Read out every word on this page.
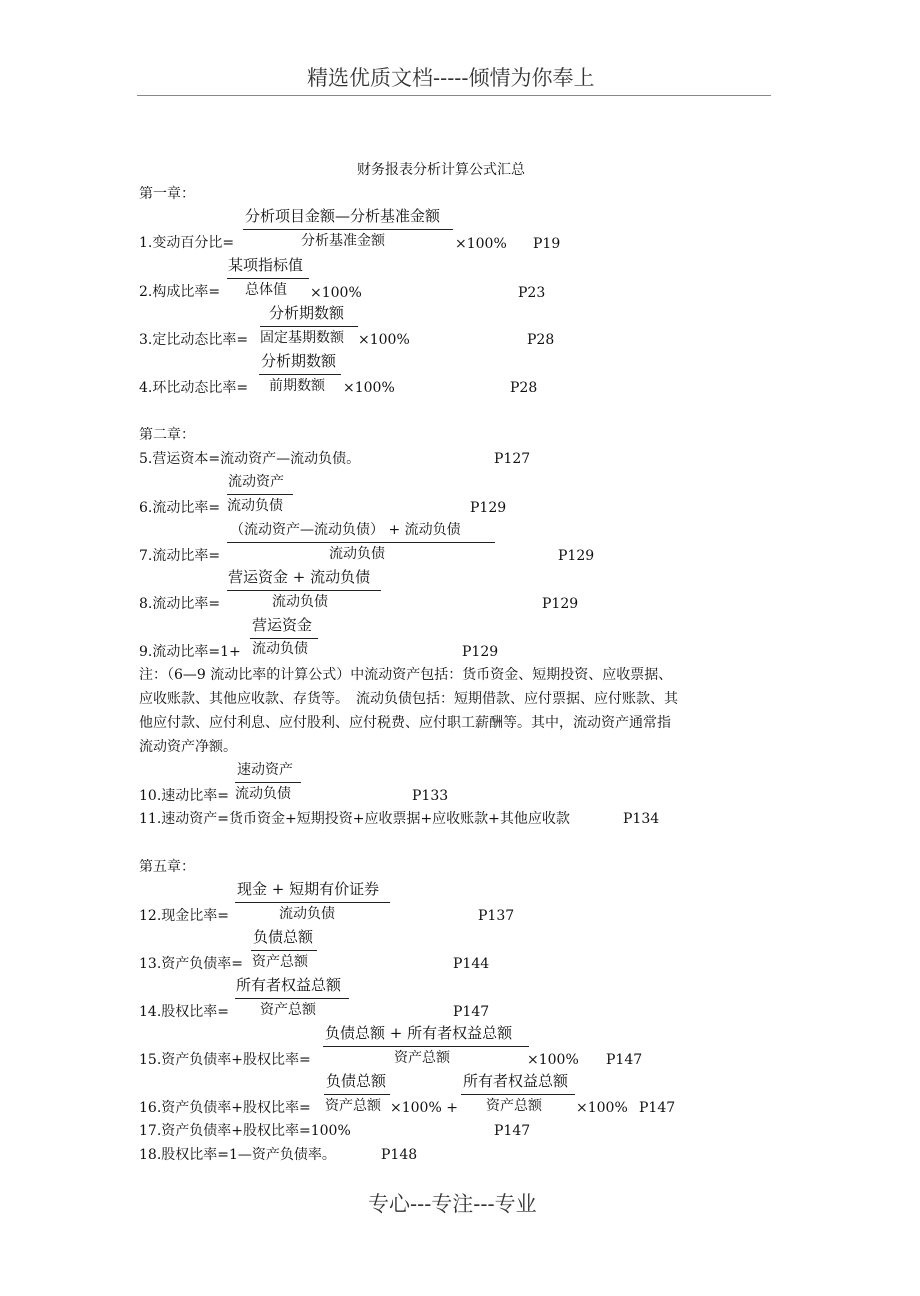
精选优质文档-----倾情为你奉上
财务报表分析计算公式汇总
第一章：
分析项目金额—分析基准金额
1.变动百分比=	分析基准金额	×100% P19
某项指标值
2.构成比率= 总体值 ×100%	P23
分析期数额
3.定比动态比率= 固定基期数额 ×100%	P28
分析期数额
4.环比动态比率= 前期数额 ×100%	P28
第二章：
5.营运资本=流动资产—流动负债。	P127
流动资产
6.流动比率= 流动负债	P129
（流动资产—流动负债） + 流动负债
7.流动比率=	流动负债	P129
营运资金 + 流动负债
8.流动比率=	流动负债	P129
营运资金
9.流动比率=1+ 流动负债	P129
注：（6—9 流动比率的计算公式）中流动资产包括：货币资金、短期投资、应收票据、
应收账款、其他应收款、存货等。　流动负债包括：短期借款、应付票据、应付账款、其
他应付款、应付利息、应付股利、应付税费、应付职工薪酬等。其中，流动资产通常指
流动资产净额。
速动资产
10.速动比率= 流动负债	P133
11.速动资产=货币资金+短期投资+应收票据+应收账款+其他应收款	P134
第五章：
现金 + 短期有价证券
12.现金比率=	流动负债	P137
负债总额
13.资产负债率= 资产总额	P144
所有者权益总额
14.股权比率= 资产总额	P147
负债总额 + 所有者权益总额
15.资产负债率+股权比率=	资产总额	×100% P147
负债总额	所有者权益总额
16.资产负债率+股权比率= 资产总额 ×100% + 资产总额 ×100% P147
17.资产负债率+股权比率=100%	P147
18.股权比率=1—资产负债率。	P148
专心---专注---专业
